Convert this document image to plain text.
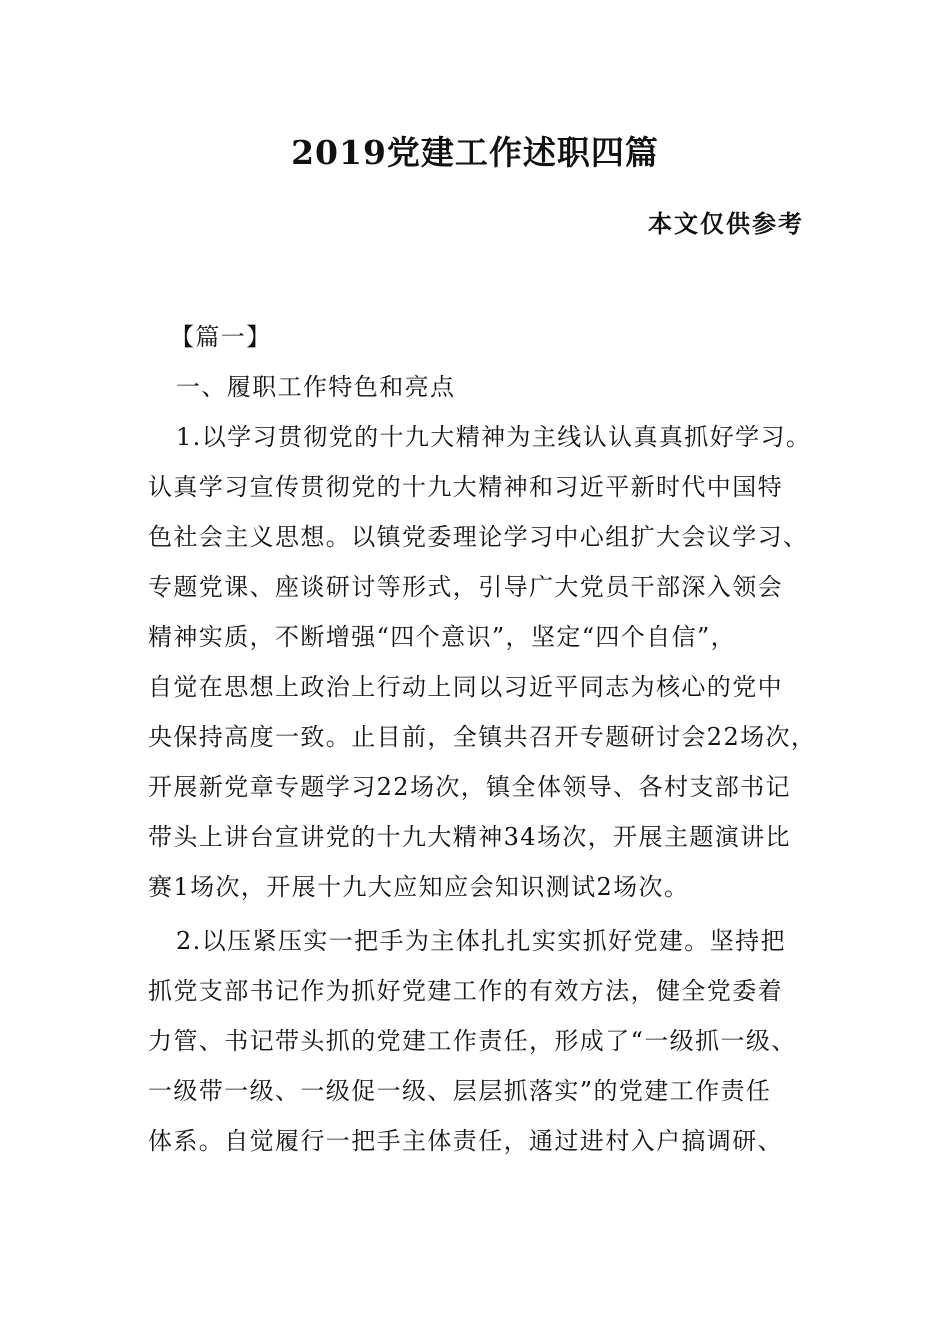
2019党建工作述职四篇

本文仅供参考

【篇一】
一、履职工作特色和亮点
1.以学习贯彻党的十九大精神为主线认认真真抓好学习。
认真学习宣传贯彻党的十九大精神和习近平新时代中国特
色社会主义思想。以镇党委理论学习中心组扩大会议学习、
专题党课、座谈研讨等形式，引导广大党员干部深入领会
精神实质，不断增强“四个意识”，坚定“四个自信”，
自觉在思想上政治上行动上同以习近平同志为核心的党中
央保持高度一致。止目前，全镇共召开专题研讨会22场次，
开展新党章专题学习22场次，镇全体领导、各村支部书记
带头上讲台宣讲党的十九大精神34场次，开展主题演讲比
赛1场次，开展十九大应知应会知识测试2场次。
2.以压紧压实一把手为主体扎扎实实抓好党建。坚持把
抓党支部书记作为抓好党建工作的有效方法，健全党委着
力管、书记带头抓的党建工作责任，形成了“一级抓一级、
一级带一级、一级促一级、层层抓落实”的党建工作责任
体系。自觉履行一把手主体责任，通过进村入户搞调研、
